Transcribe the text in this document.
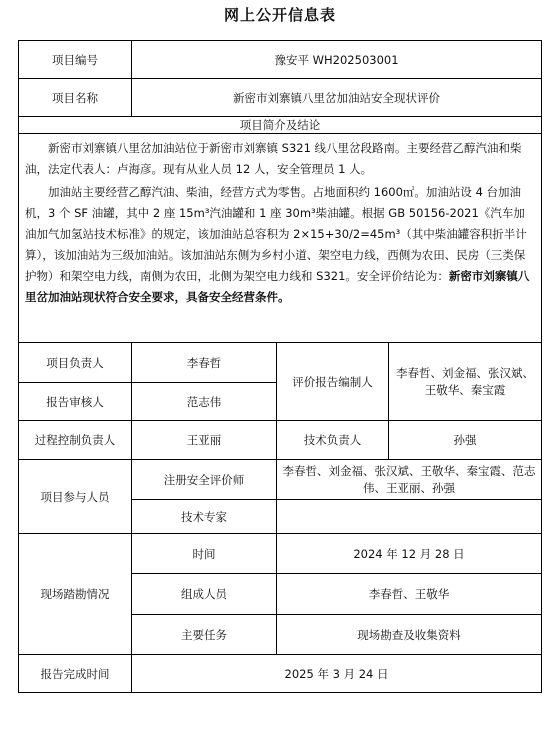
网上公开信息表
项目编号	豫安平 WH202503001		
项目名称	新密市刘寨镇八里岔加油站安全现状评价		
项目简介及结论			

新密市刘寨镇八里岔加油站位于新密市刘寨镇 S321 线八里岔段路南。主要经营乙醇汽油和柴油，法定代表人：卢海彦。现有从业人员 12 人，安全管理员 1 人。

加油站主要经营乙醇汽油、柴油，经营方式为零售。占地面积约 1600㎡。加油站设 4 台加油机，3 个 SF 油罐，其中 2 座 15m³汽油罐和 1 座 30m³柴油罐。根据 GB 50156-2021《汽车加油加气加氢站技术标准》的规定，该加油站总容积为 2×15+30/2=45m³（其中柴油罐容积折半计算），该加油站为三级加油站。该加油站东侧为乡村小道、架空电力线，西侧为农田、民房（三类保护物）和架空电力线，南侧为农田，北侧为架空电力线和 S321。安全评价结论为：新密市刘寨镇八里岔加油站现状符合安全要求，具备安全经营条件。			

项目负责人	李春哲	评价报告编制人	李春哲、刘金福、张汉斌、王敬华、秦宝霞
报告审核人	范志伟		
过程控制负责人	王亚丽	技术负责人	孙强
项目参与人员	注册安全评价师	李春哲、刘金福、张汉斌、王敬华、秦宝霞、范志伟、王亚丽、孙强	
	技术专家		
现场踏勘情况	时间	2024 年 12 月 28 日	
	组成人员	李春哲、王敬华	
	主要任务	现场勘查及收集资料	
报告完成时间	2025 年 3 月 24 日		
